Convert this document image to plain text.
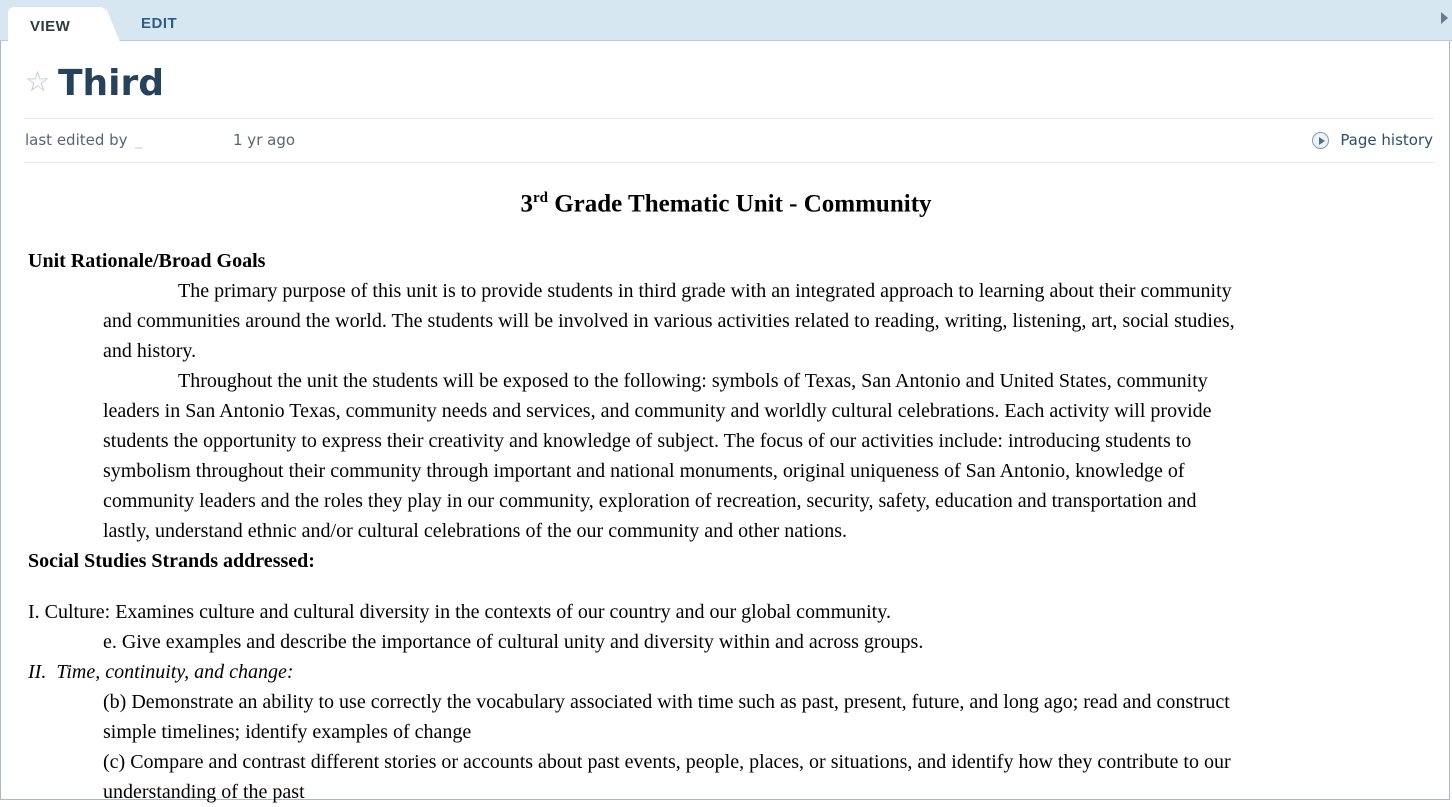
VIEW	EDIT
☆ Third
last edited by _	1 yr ago	Page history
3rd Grade Thematic Unit - Community
Unit Rationale/Broad Goals
The primary purpose of this unit is to provide students in third grade with an integrated approach to learning about their community
and communities around the world. The students will be involved in various activities related to reading, writing, listening, art, social studies,
and history.
Throughout the unit the students will be exposed to the following: symbols of Texas, San Antonio and United States, community
leaders in San Antonio Texas, community needs and services, and community and worldly cultural celebrations. Each activity will provide
students the opportunity to express their creativity and knowledge of subject. The focus of our activities include: introducing students to
symbolism throughout their community through important and national monuments, original uniqueness of San Antonio, knowledge of
community leaders and the roles they play in our community, exploration of recreation, security, safety, education and transportation and
lastly, understand ethnic and/or cultural celebrations of the our community and other nations.
Social Studies Strands addressed:
I. Culture: Examines culture and cultural diversity in the contexts of our country and our global community.
e. Give examples and describe the importance of cultural unity and diversity within and across groups.
II.  Time, continuity, and change:
(b) Demonstrate an ability to use correctly the vocabulary associated with time such as past, present, future, and long ago; read and construct
simple timelines; identify examples of change
(c) Compare and contrast different stories or accounts about past events, people, places, or situations, and identify how they contribute to our
understanding of the past
